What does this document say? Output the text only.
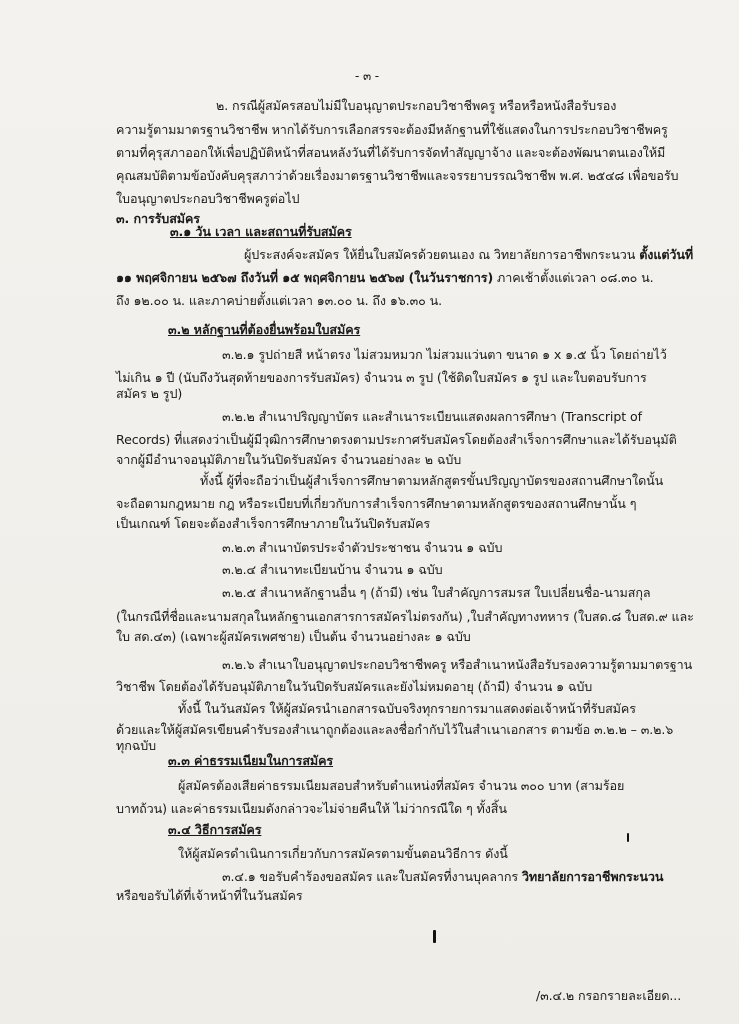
- ๓ -
๒. กรณีผู้สมัครสอบไม่มีใบอนุญาตประกอบวิชาชีพครู หรือหรือหนังสือรับรอง
ความรู้ตามมาตรฐานวิชาชีพ หากได้รับการเลือกสรรจะต้องมีหลักฐานที่ใช้แสดงในการประกอบวิชาชีพครู
ตามที่คุรุสภาออกให้เพื่อปฏิบัติหน้าที่สอนหลังวันที่ได้รับการจัดทำสัญญาจ้าง และจะต้องพัฒนาตนเองให้มี
คุณสมบัติตามข้อบังคับคุรุสภาว่าด้วยเรื่องมาตรฐานวิชาชีพและจรรยาบรรณวิชาชีพ พ.ศ. ๒๕๔๘ เพื่อขอรับ
ใบอนุญาตประกอบวิชาชีพครูต่อไป
๓. การรับสมัคร
๓.๑ วัน เวลา และสถานที่รับสมัคร
ผู้ประสงค์จะสมัคร ให้ยื่นใบสมัครด้วยตนเอง ณ วิทยาลัยการอาชีพกระนวน ตั้งแต่วันที่
๑๑ พฤศจิกายน ๒๕๖๗ ถึงวันที่ ๑๕ พฤศจิกายน ๒๕๖๗ (ในวันราชการ) ภาคเช้าตั้งแต่เวลา ๐๘.๓๐ น.
ถึง ๑๒.๐๐ น. และภาคบ่ายตั้งแต่เวลา ๑๓.๐๐ น. ถึง ๑๖.๓๐ น.
๓.๒ หลักฐานที่ต้องยื่นพร้อมใบสมัคร
๓.๒.๑ รูปถ่ายสี หน้าตรง ไม่สวมหมวก ไม่สวมแว่นตา ขนาด ๑ x ๑.๕ นิ้ว โดยถ่ายไว้
ไม่เกิน ๑ ปี (นับถึงวันสุดท้ายของการรับสมัคร) จำนวน ๓ รูป (ใช้ติดใบสมัคร ๑ รูป และใบตอบรับการ
สมัคร ๒ รูป)
๓.๒.๒ สำเนาปริญญาบัตร และสำเนาระเบียนแสดงผลการศึกษา (Transcript of
Records) ที่แสดงว่าเป็นผู้มีวุฒิการศึกษาตรงตามประกาศรับสมัครโดยต้องสำเร็จการศึกษาและได้รับอนุมัติ
จากผู้มีอำนาจอนุมัติภายในวันปิดรับสมัคร จำนวนอย่างละ ๒ ฉบับ
ทั้งนี้ ผู้ที่จะถือว่าเป็นผู้สำเร็จการศึกษาตามหลักสูตรขั้นปริญญาบัตรของสถานศึกษาใดนั้น
จะถือตามกฎหมาย กฎ หรือระเบียบที่เกี่ยวกับการสำเร็จการศึกษาตามหลักสูตรของสถานศึกษานั้น ๆ
เป็นเกณฑ์ โดยจะต้องสำเร็จการศึกษาภายในวันปิดรับสมัคร
๓.๒.๓ สำเนาบัตรประจำตัวประชาชน จำนวน ๑ ฉบับ
๓.๒.๔ สำเนาทะเบียนบ้าน จำนวน ๑ ฉบับ
๓.๒.๕ สำเนาหลักฐานอื่น ๆ (ถ้ามี) เช่น ใบสำคัญการสมรส ใบเปลี่ยนชื่อ-นามสกุล
(ในกรณีที่ชื่อและนามสกุลในหลักฐานเอกสารการสมัครไม่ตรงกัน) ,ใบสำคัญทางทหาร (ใบสด.๘ ใบสด.๙ และ
ใบ สด.๔๓) (เฉพาะผู้สมัครเพศชาย) เป็นต้น จำนวนอย่างละ ๑ ฉบับ
๓.๒.๖ สำเนาใบอนุญาตประกอบวิชาชีพครู หรือสำเนาหนังสือรับรองความรู้ตามมาตรฐาน
วิชาชีพ โดยต้องได้รับอนุมัติภายในวันปิดรับสมัครและยังไม่หมดอายุ (ถ้ามี) จำนวน ๑ ฉบับ
ทั้งนี้ ในวันสมัคร ให้ผู้สมัครนำเอกสารฉบับจริงทุกรายการมาแสดงต่อเจ้าหน้าที่รับสมัคร
ด้วยและให้ผู้สมัครเขียนคำรับรองสำเนาถูกต้องและลงชื่อกำกับไว้ในสำเนาเอกสาร ตามข้อ ๓.๒.๒ – ๓.๒.๖
ทุกฉบับ
๓.๓ ค่าธรรมเนียมในการสมัคร
ผู้สมัครต้องเสียค่าธรรมเนียมสอบสำหรับตำแหน่งที่สมัคร จำนวน ๓๐๐ บาท (สามร้อย
บาทถ้วน) และค่าธรรมเนียมดังกล่าวจะไม่จ่ายคืนให้ ไม่ว่ากรณีใด ๆ ทั้งสิ้น
๓.๔ วิธีการสมัคร
ให้ผู้สมัครดำเนินการเกี่ยวกับการสมัครตามขั้นตอนวิธีการ ดังนี้
๓.๔.๑ ขอรับคำร้องขอสมัคร และใบสมัครที่งานบุคลากร วิทยาลัยการอาชีพกระนวน
หรือขอรับได้ที่เจ้าหน้าที่ในวันสมัคร
/๓.๔.๒ กรอกรายละเอียด...
